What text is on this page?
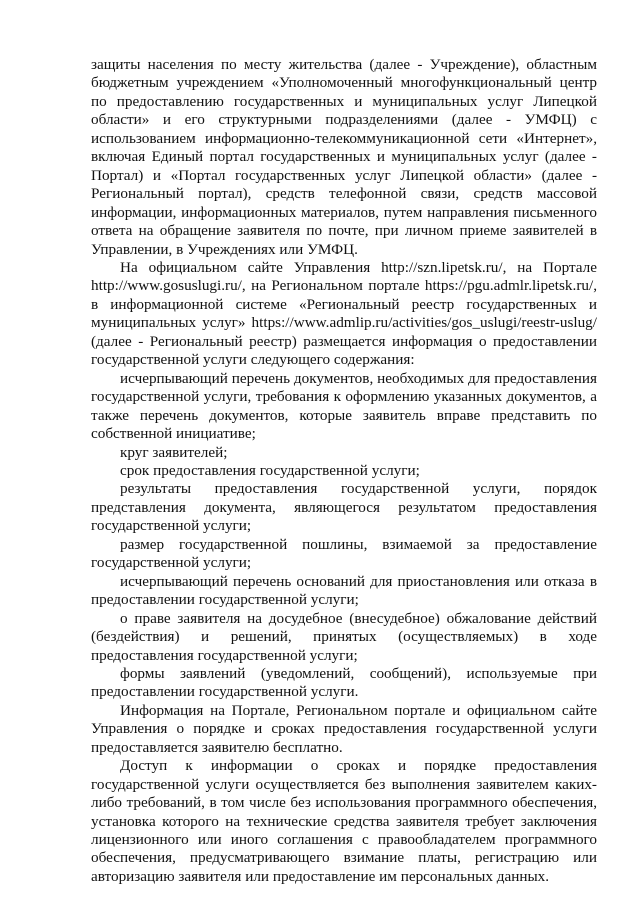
защиты населения по месту жительства (далее - Учреждение), областным бюджетным учреждением «Уполномоченный многофункциональный центр по предоставлению государственных и муниципальных услуг Липецкой области» и его структурными подразделениями (далее - УМФЦ) с использованием информационно-телекоммуникационной сети «Интернет», включая Единый портал государственных и муниципальных услуг (далее - Портал) и «Портал государственных услуг Липецкой области» (далее - Региональный портал), средств телефонной связи, средств массовой информации, информационных материалов, путем направления письменного ответа на обращение заявителя по почте, при личном приеме заявителей в Управлении, в Учреждениях или УМФЦ.

На официальном сайте Управления http://szn.lipetsk.ru/, на Портале http://www.gosuslugi.ru/, на Региональном портале https://pgu.admlr.lipetsk.ru/, в информационной системе «Региональный реестр государственных и муниципальных услуг» https://www.admlip.ru/activities/gos_uslugi/reestr-uslug/ (далее - Региональный реестр) размещается информация о предоставлении государственной услуги следующего содержания:

исчерпывающий перечень документов, необходимых для предоставления государственной услуги, требования к оформлению указанных документов, а также перечень документов, которые заявитель вправе представить по собственной инициативе;

круг заявителей;

срок предоставления государственной услуги;

результаты предоставления государственной услуги, порядок представления документа, являющегося результатом предоставления государственной услуги;

размер государственной пошлины, взимаемой за предоставление государственной услуги;

исчерпывающий перечень оснований для приостановления или отказа в предоставлении государственной услуги;

о праве заявителя на досудебное (внесудебное) обжалование действий (бездействия) и решений, принятых (осуществляемых) в ходе предоставления государственной услуги;

формы заявлений (уведомлений, сообщений), используемые при предоставлении государственной услуги.

Информация на Портале, Региональном портале и официальном сайте Управления о порядке и сроках предоставления государственной услуги предоставляется заявителю бесплатно.

Доступ к информации о сроках и порядке предоставления государственной услуги осуществляется без выполнения заявителем каких-либо требований, в том числе без использования программного обеспечения, установка которого на технические средства заявителя требует заключения лицензионного или иного соглашения с правообладателем программного обеспечения, предусматривающего взимание платы, регистрацию или авторизацию заявителя или предоставление им персональных данных.
